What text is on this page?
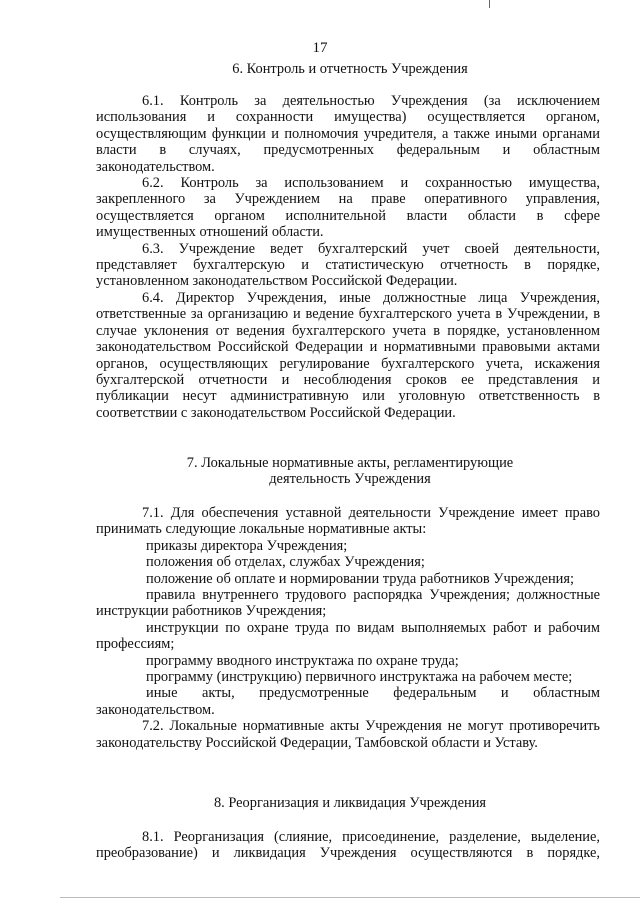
17
6. Контроль и отчетность Учреждения

6.1. Контроль за деятельностью Учреждения (за исключением использования и сохранности имущества) осуществляется органом, осуществляющим функции и полномочия учредителя, а также иными органами власти в случаях, предусмотренных федеральным и областным законодательством.

6.2. Контроль за использованием и сохранностью имущества, закрепленного за Учреждением на праве оперативного управления, осуществляется органом исполнительной власти области в сфере имущественных отношений области.

6.3. Учреждение ведет бухгалтерский учет своей деятельности, представляет бухгалтерскую и статистическую отчетность в порядке, установленном законодательством Российской Федерации.

6.4. Директор Учреждения, иные должностные лица Учреждения, ответственные за организацию и ведение бухгалтерского учета в Учреждении, в случае уклонения от ведения бухгалтерского учета в порядке, установленном законодательством Российской Федерации и нормативными правовыми актами органов, осуществляющих регулирование бухгалтерского учета, искажения бухгалтерской отчетности и несоблюдения сроков ее представления и публикации несут административную или уголовную ответственность в соответствии с законодательством Российской Федерации.

7. Локальные нормативные акты, регламентирующие
деятельность Учреждения

7.1. Для обеспечения уставной деятельности Учреждение имеет право принимать следующие локальные нормативные акты:

приказы директора Учреждения;

положения об отделах, службах Учреждения;

положение об оплате и нормировании труда работников Учреждения;

правила внутреннего трудового распорядка Учреждения; должностные инструкции работников Учреждения;

инструкции по охране труда по видам выполняемых работ и рабочим профессиям;

программу вводного инструктажа по охране труда;

программу (инструкцию) первичного инструктажа на рабочем месте;

иные акты, предусмотренные федеральным и областным законодательством.

7.2. Локальные нормативные акты Учреждения не могут противоречить законодательству Российской Федерации, Тамбовской области и Уставу.

8. Реорганизация и ликвидация Учреждения

8.1. Реорганизация (слияние, присоединение, разделение, выделение, преобразование) и ликвидация Учреждения осуществляются в порядке,
